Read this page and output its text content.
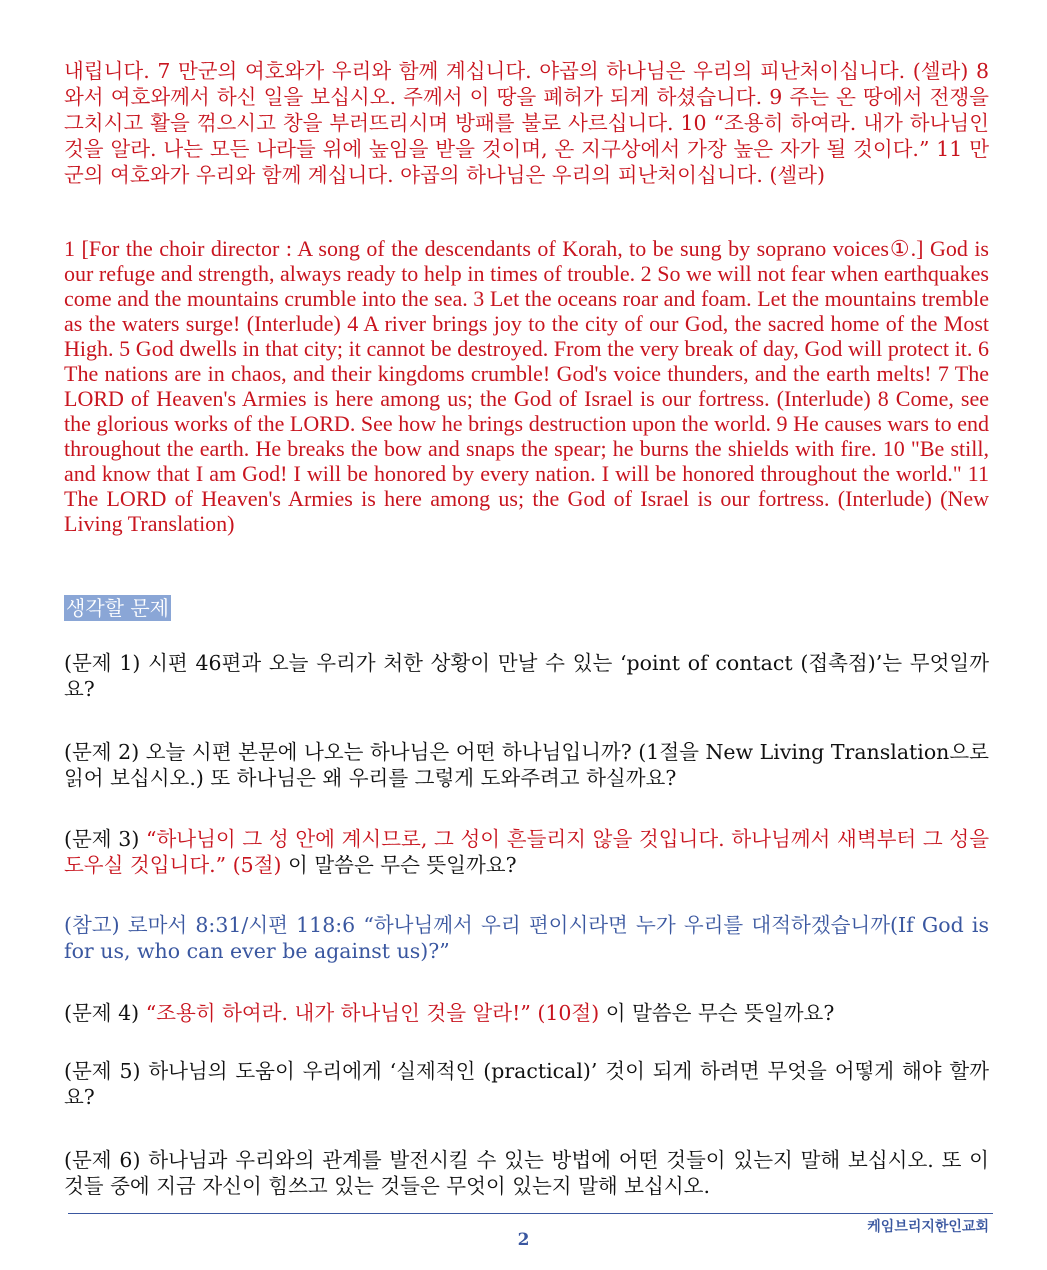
내립니다. 7 만군의 여호와가 우리와 함께 계십니다. 야곱의 하나님은 우리의 피난처이십니다. (셀라) 8 와서 여호와께서 하신 일을 보십시오. 주께서 이 땅을 폐허가 되게 하셨습니다. 9 주는 온 땅에서 전쟁을 그치시고 활을 꺾으시고 창을 부러뜨리시며 방패를 불로 사르십니다. 10 “조용히 하여라. 내가 하나님인 것을 알라. 나는 모든 나라들 위에 높임을 받을 것이며, 온 지구상에서 가장 높은 자가 될 것이다.” 11 만군의 여호와가 우리와 함께 계십니다. 야곱의 하나님은 우리의 피난처이십니다. (셀라)

1 [For the choir director : A song of the descendants of Korah, to be sung by soprano voices①.] God is our refuge and strength, always ready to help in times of trouble. 2 So we will not fear when earthquakes come and the mountains crumble into the sea. 3 Let the oceans roar and foam. Let the mountains tremble as the waters surge! (Interlude) 4 A river brings joy to the city of our God, the sacred home of the Most High. 5 God dwells in that city; it cannot be destroyed. From the very break of day, God will protect it. 6 The nations are in chaos, and their kingdoms crumble! God's voice thunders, and the earth melts! 7 The LORD of Heaven's Armies is here among us; the God of Israel is our fortress. (Interlude) 8 Come, see the glorious works of the LORD. See how he brings destruction upon the world. 9 He causes wars to end throughout the earth. He breaks the bow and snaps the spear; he burns the shields with fire. 10 "Be still, and know that I am God! I will be honored by every nation. I will be honored throughout the world." 11 The LORD of Heaven's Armies is here among us; the God of Israel is our fortress. (Interlude) (New Living Translation)

생각할 문제

(문제 1) 시편 46편과 오늘 우리가 처한 상황이 만날 수 있는 ‘point of contact (접촉점)’는 무엇일까요?

(문제 2) 오늘 시편 본문에 나오는 하나님은 어떤 하나님입니까? (1절을 New Living Translation으로 읽어 보십시오.) 또 하나님은 왜 우리를 그렇게 도와주려고 하실까요?

(문제 3) “하나님이 그 성 안에 계시므로, 그 성이 흔들리지 않을 것입니다. 하나님께서 새벽부터 그 성을 도우실 것입니다.” (5절) 이 말씀은 무슨 뜻일까요?

(참고) 로마서 8:31/시편 118:6 “하나님께서 우리 편이시라면 누가 우리를 대적하겠습니까(If God is for us, who can ever be against us)?”

(문제 4) “조용히 하여라. 내가 하나님인 것을 알라!” (10절) 이 말씀은 무슨 뜻일까요?

(문제 5) 하나님의 도움이 우리에게 ‘실제적인 (practical)’ 것이 되게 하려면 무엇을 어떻게 해야 할까요?

(문제 6) 하나님과 우리와의 관계를 발전시킬 수 있는 방법에 어떤 것들이 있는지 말해 보십시오. 또 이것들 중에 지금 자신이 힘쓰고 있는 것들은 무엇이 있는지 말해 보십시오.

케임브리지한인교회
2
